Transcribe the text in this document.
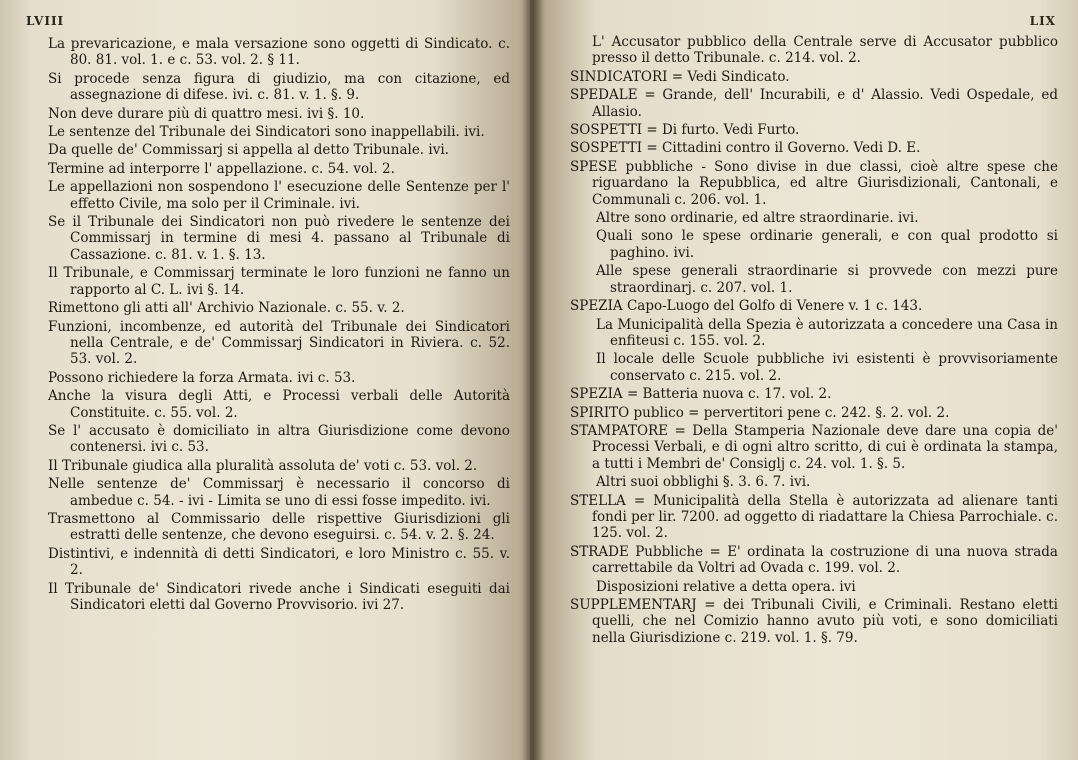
LVIII

La prevaricazione, e mala versazione sono oggetti di Sindicato. c. 80. 81. vol. 1. e c. 53. vol. 2. § 11.

Si procede senza figura di giudizio, ma con citazione, ed assegnazione di difese. ivi. c. 81. v. 1. §. 9.

Non deve durare più di quattro mesi. ivi §. 10.

Le sentenze del Tribunale dei Sindicatori sono inappellabili. ivi.

Da quelle de' Commissarj si appella al detto Tribunale. ivi.

Termine ad interporre l' appellazione. c. 54. vol. 2.

Le appellazioni non sospendono l' esecuzione delle Sentenze per l' effetto Civile, ma solo per il Criminale. ivi.

Se il Tribunale dei Sindicatori non può rivedere le sentenze dei Commissarj in termine di mesi 4. passano al Tribunale di Cassazione. c. 81. v. 1. §. 13.

Il Tribunale, e Commissarj terminate le loro funzioni ne fanno un rapporto al C. L. ivi §. 14.

Rimettono gli atti all' Archivio Nazionale. c. 55. v. 2.

Funzioni, incombenze, ed autorità del Tribunale dei Sindicatori nella Centrale, e de' Commissarj Sindicatori in Riviera. c. 52. 53. vol. 2.

Possono richiedere la forza Armata. ivi c. 53.

Anche la visura degli Atti, e Processi verbali delle Autorità Constituite. c. 55. vol. 2.

Se l' accusato è domiciliato in altra Giurisdizione come devono contenersi. ivi c. 53.

Il Tribunale giudica alla pluralità assoluta de' voti c. 53. vol. 2.

Nelle sentenze de' Commissarj è necessario il concorso di ambedue c. 54. - ivi - Limita se uno di essi fosse impedito. ivi.

Trasmettono al Commissario delle rispettive Giurisdizioni gli estratti delle sentenze, che devono eseguirsi. c. 54. v. 2. §. 24.

Distintivi, e indennità di detti Sindicatori, e loro Ministro c. 55. v. 2.

Il Tribunale de' Sindicatori rivede anche i Sindicati eseguiti dai Sindicatori eletti dal Governo Provvisorio. ivi 27.

LIX

L' Accusator pubblico della Centrale serve di Accusator pubblico presso il detto Tribunale. c. 214. vol. 2.

SINDICATORI = Vedi Sindicato.

SPEDALE = Grande, dell' Incurabili, e d' Alassio. Vedi Ospedale, ed Allasio.

SOSPETTI = Di furto. Vedi Furto.

SOSPETTI = Cittadini contro il Governo. Vedi D. E.

SPESE pubbliche - Sono divise in due classi, cioè altre spese che riguardano la Repubblica, ed altre Giurisdizionali, Cantonali, e Communali c. 206. vol. 1.

Altre sono ordinarie, ed altre straordinarie. ivi.

Quali sono le spese ordinarie generali, e con qual prodotto si paghino. ivi.

Alle spese generali straordinarie si provvede con mezzi pure straordinarj. c. 207. vol. 1.

SPEZIA Capo-Luogo del Golfo di Venere v. 1 c. 143.

La Municipalità della Spezia è autorizzata a concedere una Casa in enfiteusi c. 155. vol. 2.

Il locale delle Scuole pubbliche ivi esistenti è provvisoriamente conservato c. 215. vol. 2.

SPEZIA = Batteria nuova c. 17. vol. 2.

SPIRITO publico = pervertitori pene c. 242. §. 2. vol. 2.

STAMPATORE = Della Stamperia Nazionale deve dare una copia de' Processi Verbali, e di ogni altro scritto, di cui è ordinata la stampa, a tutti i Membri de' Consiglj c. 24. vol. 1. §. 5.

Altri suoi obblighi §. 3. 6. 7. ivi.

STELLA = Municipalità della Stella è autorizzata ad alienare tanti fondi per lir. 7200. ad oggetto di riadattare la Chiesa Parrochiale. c. 125. vol. 2.

STRADE Pubbliche = E' ordinata la costruzione di una nuova strada carrettabile da Voltri ad Ovada c. 199. vol. 2.

Disposizioni relative a detta opera. ivi

SUPPLEMENTARJ = dei Tribunali Civili, e Criminali. Restano eletti quelli, che nel Comizio hanno avuto più voti, e sono domiciliati nella Giurisdizione c. 219. vol. 1. §. 79.
